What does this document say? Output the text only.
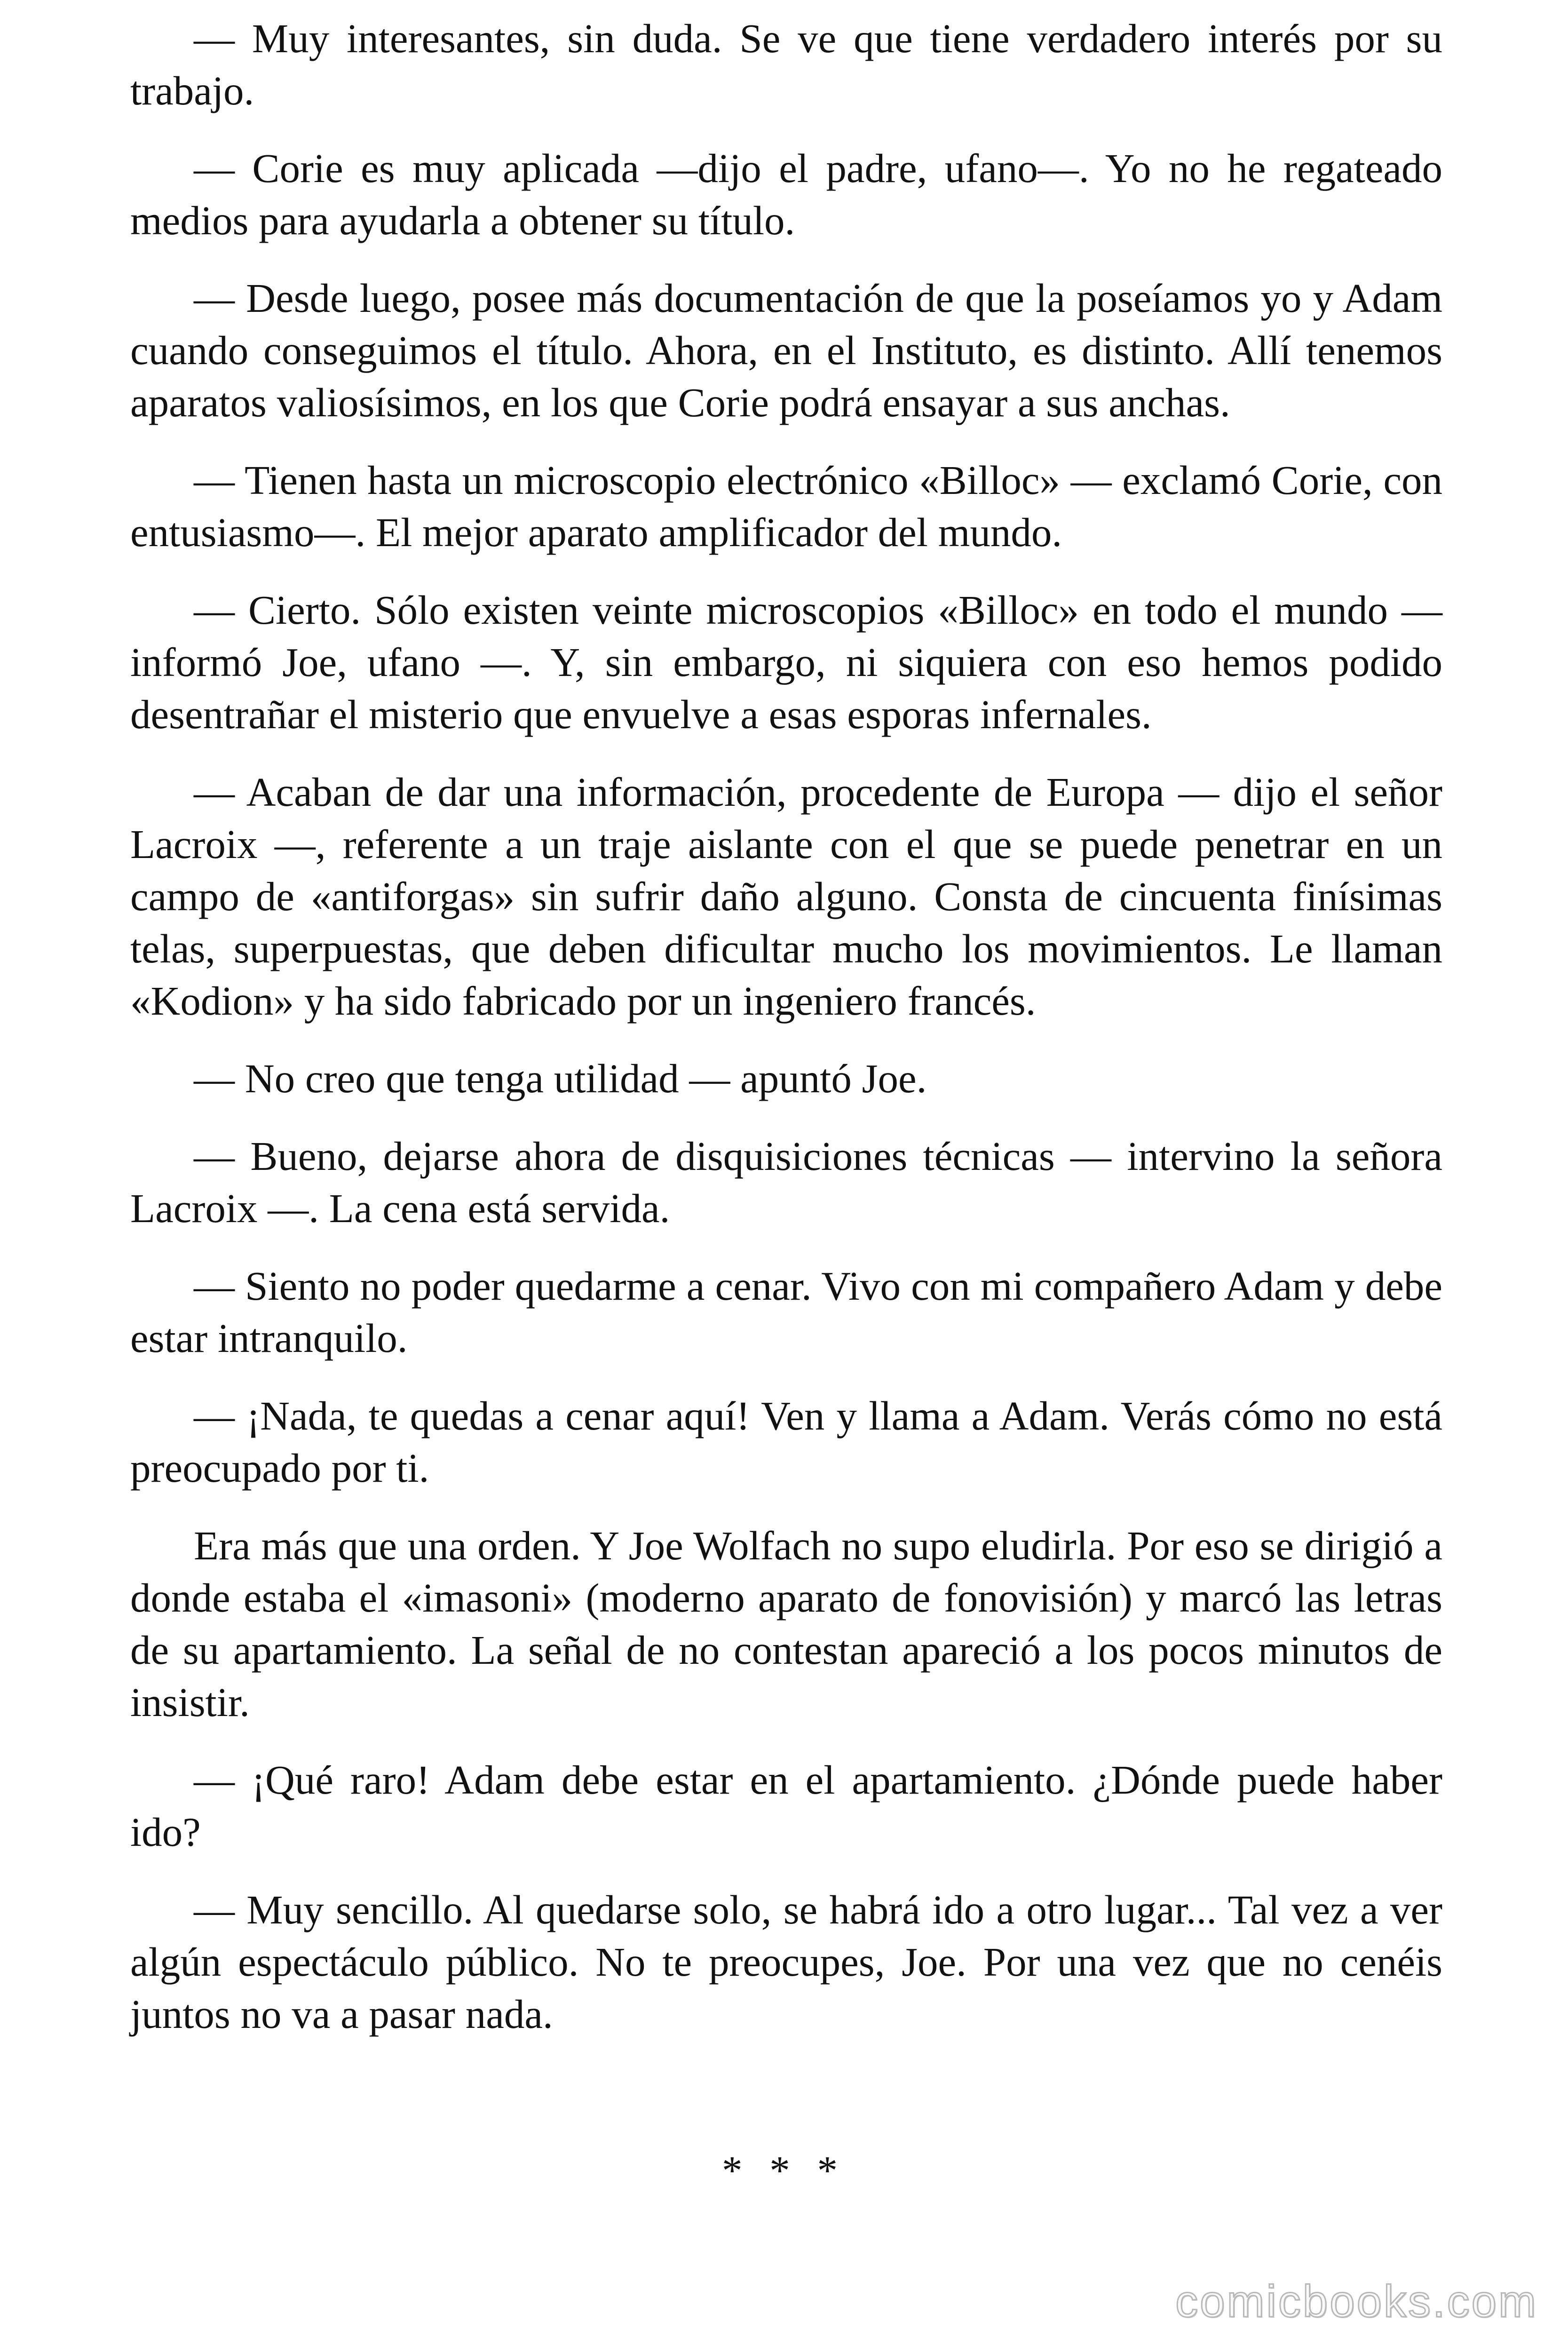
— Muy interesantes, sin duda. Se ve que tiene verdadero interés por su trabajo.

— Corie es muy aplicada —dijo el padre, ufano—. Yo no he regateado medios para ayudarla a obtener su título.

— Desde luego, posee más documentación de que la poseíamos yo y Adam cuando conseguimos el título. Ahora, en el Instituto, es distinto. Allí tenemos aparatos valiosísimos, en los que Corie podrá ensayar a sus anchas.

— Tienen hasta un microscopio electrónico «Billoc» — exclamó Corie, con entusiasmo—. El mejor aparato amplificador del mundo.

— Cierto. Sólo existen veinte microscopios «Billoc» en todo el mundo — informó Joe, ufano —. Y, sin embargo, ni siquiera con eso hemos podido desentrañar el misterio que envuelve a esas esporas infernales.

— Acaban de dar una información, procedente de Europa — dijo el señor Lacroix —, referente a un traje aislante con el que se puede penetrar en un campo de «antiforgas» sin sufrir daño alguno. Consta de cincuenta finísimas telas, superpuestas, que deben dificultar mucho los movimientos. Le llaman «Kodion» y ha sido fabricado por un ingeniero francés.

— No creo que tenga utilidad — apuntó Joe.

— Bueno, dejarse ahora de disquisiciones técnicas — intervino la señora Lacroix —. La cena está servida.

— Siento no poder quedarme a cenar. Vivo con mi compañero Adam y debe estar intranquilo.

— ¡Nada, te quedas a cenar aquí! Ven y llama a Adam. Verás cómo no está preocupado por ti.

Era más que una orden. Y Joe Wolfach no supo eludirla. Por eso se dirigió a donde estaba el «imasoni» (moderno aparato de fonovisión) y marcó las letras de su apartamiento. La señal de no contestan apareció a los pocos minutos de insistir.

— ¡Qué raro! Adam debe estar en el apartamiento. ¿Dónde puede haber ido?

— Muy sencillo. Al quedarse solo, se habrá ido a otro lugar... Tal vez a ver algún espectáculo público. No te preocupes, Joe. Por una vez que no cenéis juntos no va a pasar nada.

* * *
comicbooks.com
